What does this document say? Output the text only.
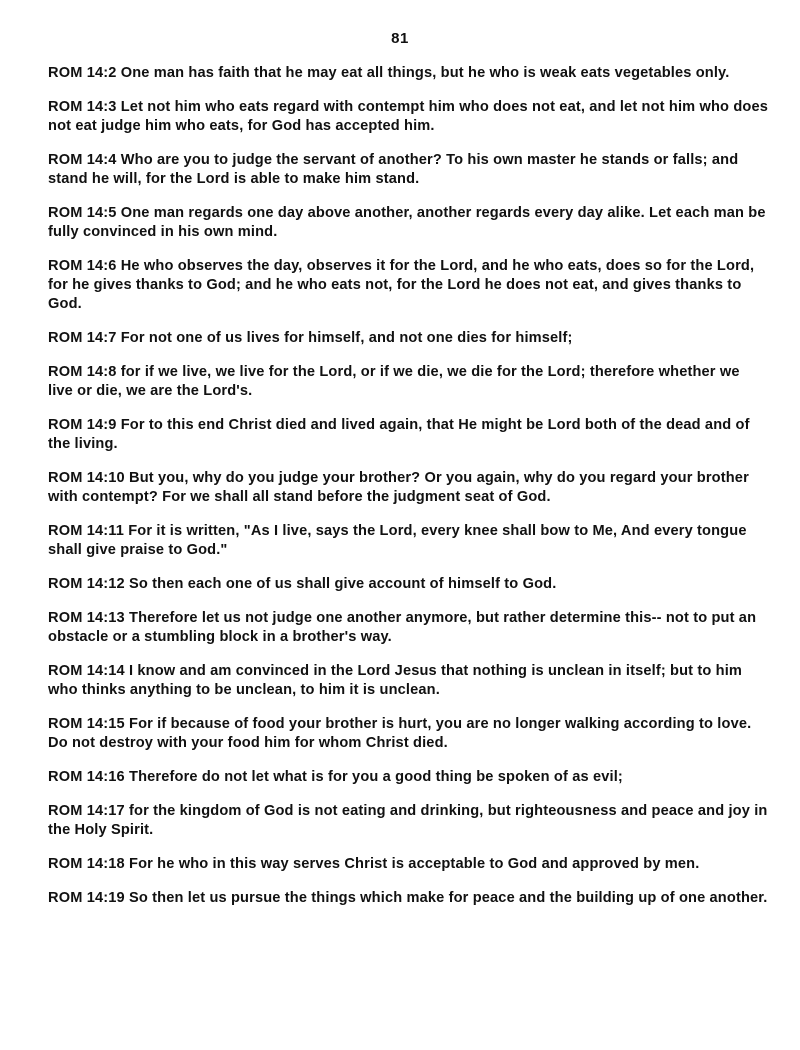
81

ROM 14:2 One man has faith that he may eat all things, but he who is weak eats vegetables only.

ROM 14:3 Let not him who eats regard with contempt him who does not eat, and let not him who does not eat judge him who eats, for God has accepted him.

ROM 14:4 Who are you to judge the servant of another? To his own master he stands or falls; and stand he will, for the Lord is able to make him stand.

ROM 14:5 One man regards one day above another, another regards every day alike. Let each man be fully convinced in his own mind.

ROM 14:6 He who observes the day, observes it for the Lord, and he who eats, does so for the Lord, for he gives thanks to God; and he who eats not, for the Lord he does not eat, and gives thanks to God.

ROM 14:7 For not one of us lives for himself, and not one dies for himself;

ROM 14:8 for if we live, we live for the Lord, or if we die, we die for the Lord; therefore whether we live or die, we are the Lord's.

ROM 14:9 For to this end Christ died and lived again, that He might be Lord both of the dead and of the living.

ROM 14:10 But you, why do you judge your brother? Or you again, why do you regard your brother with contempt? For we shall all stand before the judgment seat of God.

ROM 14:11 For it is written, "As I live, says the Lord, every knee shall bow to Me, And every tongue shall give praise to God."

ROM 14:12 So then each one of us shall give account of himself to God.

ROM 14:13 Therefore let us not judge one another anymore, but rather determine this-- not to put an obstacle or a stumbling block in a brother's way.

ROM 14:14 I know and am convinced in the Lord Jesus that nothing is unclean in itself; but to him who thinks anything to be unclean, to him it is unclean.

ROM 14:15 For if because of food your brother is hurt, you are no longer walking according to love. Do not destroy with your food him for whom Christ died.

ROM 14:16 Therefore do not let what is for you a good thing be spoken of as evil;

ROM 14:17 for the kingdom of God is not eating and drinking, but righteousness and peace and joy in the Holy Spirit.

ROM 14:18 For he who in this way serves Christ is acceptable to God and approved by men.

ROM 14:19 So then let us pursue the things which make for peace and the building up of one another.
